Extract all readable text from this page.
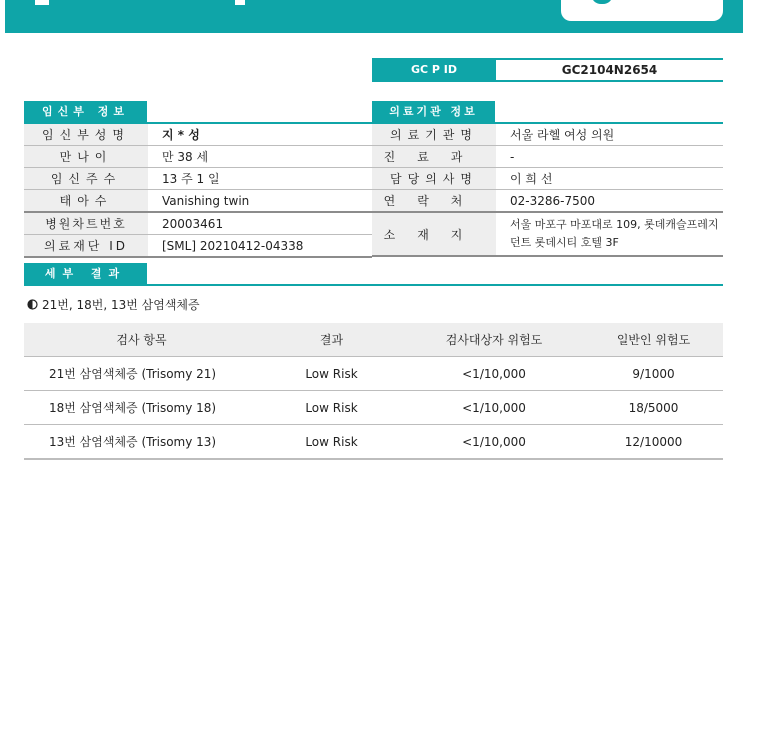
GC P ID	GC2104N2654
임신부 정보
임신부성명	지 * 성
만나이	만 38 세
임신주수	13 주 1 일
태아수	Vanishing twin
병원차트번호	20003461
의료재단 ID	[SML] 20210412-04338
의료기관 정보
의료기관명	서울 라헬 여성 의원
진료과	-
담당의사명	이 희 선
연락처	02-3286-7500
소재지	서울 마포구 마포대로 109, 롯데캐슬프레지던트 롯데시티 호텔 3F
세부 결과
21번, 18번, 13번 삼염색체증
검사 항목	결과	검사대상자 위험도	일반인 위험도
21번 삼염색체증 (Trisomy 21)	Low Risk	<1/10,000	9/1000
18번 삼염색체증 (Trisomy 18)	Low Risk	<1/10,000	18/5000
13번 삼염색체증 (Trisomy 13)	Low Risk	<1/10,000	12/10000
